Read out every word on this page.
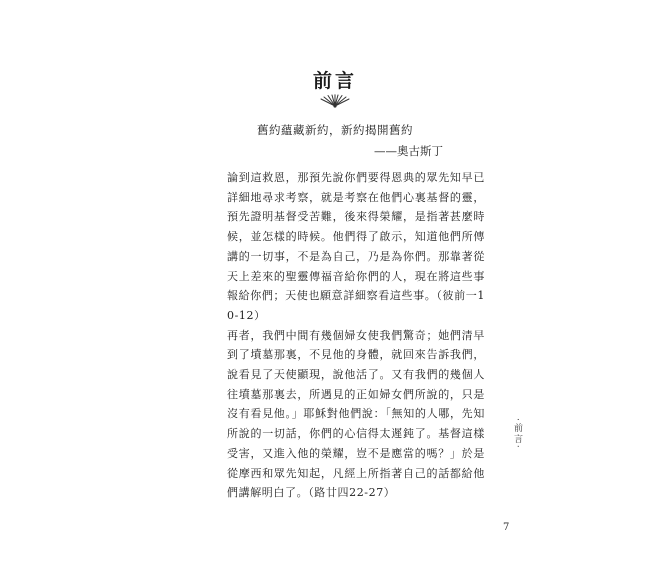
前言
舊約蘊藏新約，新約揭開舊約
——奧古斯丁

論到這救恩，那預先說你們要得恩典的眾先知早已詳細地尋求考察，就是考察在他們心裏基督的靈，預先證明基督受苦難，後來得榮耀，是指著甚麼時候，並怎樣的時候。他們得了啟示，知道他們所傳講的一切事，不是為自己，乃是為你們。那靠著從天上差來的聖靈傳福音給你們的人，現在將這些事報給你們；天使也願意詳細察看這些事。（彼前一10-12）

再者，我們中間有幾個婦女使我們驚奇；她們清早到了墳墓那裏，不見他的身體，就回來告訴我們，說看見了天使顯現，說他活了。又有我們的幾個人往墳墓那裏去，所遇見的正如婦女們所說的，只是沒有看見他。」耶穌對他們說：「無知的人哪，先知所說的一切話，你們的心信得太遲鈍了。基督這樣受害，又進入他的榮耀，豈不是應當的嗎？」於是從摩西和眾先知起，凡經上所指著自己的話都給他們講解明白了。（路廿四22-27）

‧前言‧
7
